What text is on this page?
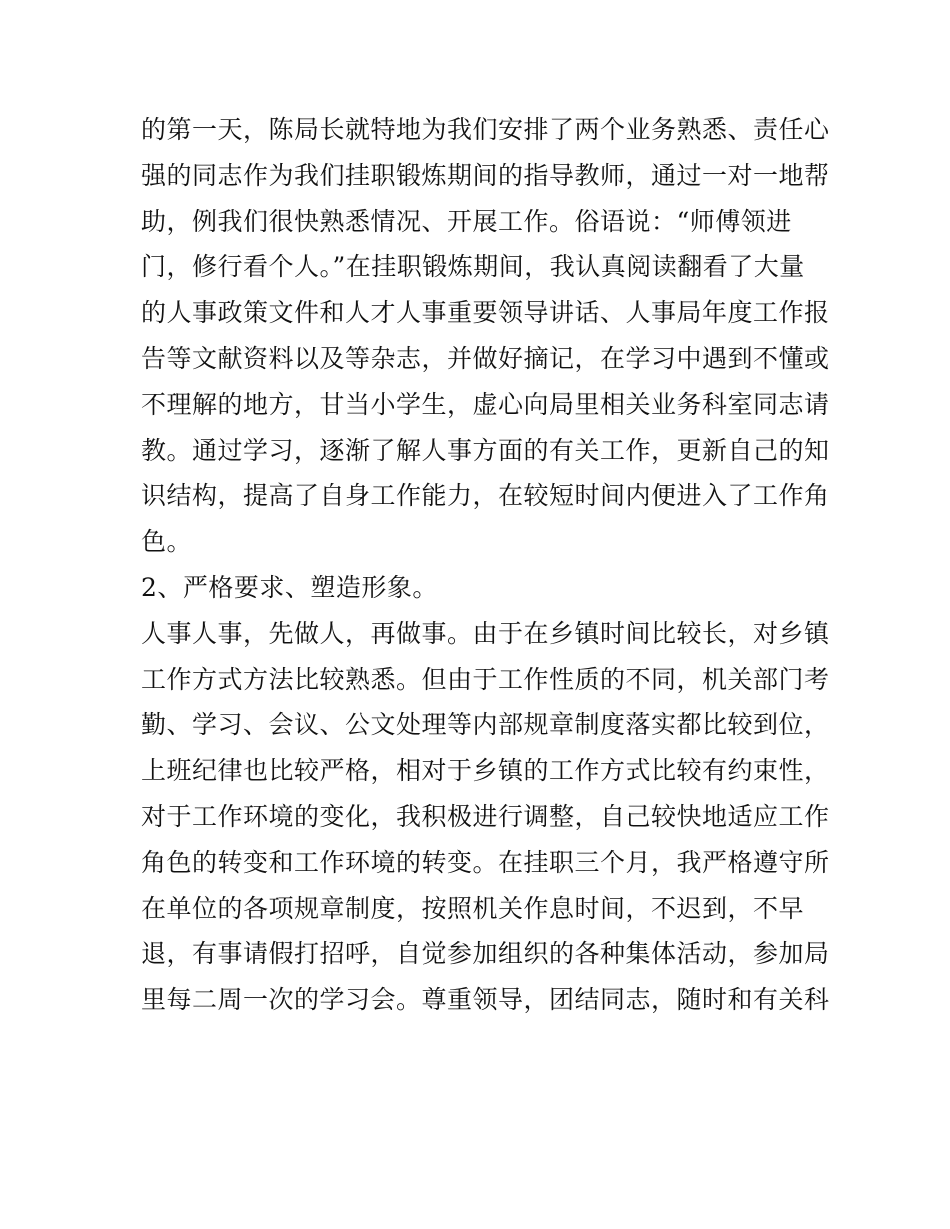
的第一天，陈局长就特地为我们安排了两个业务熟悉、责任心
强的同志作为我们挂职锻炼期间的指导教师，通过一对一地帮
助，例我们很快熟悉情况、开展工作。俗语说：“师傅领进
门，修行看个人。”在挂职锻炼期间，我认真阅读翻看了大量
的人事政策文件和人才人事重要领导讲话、人事局年度工作报
告等文献资料以及等杂志，并做好摘记，在学习中遇到不懂或
不理解的地方，甘当小学生，虚心向局里相关业务科室同志请
教。通过学习，逐渐了解人事方面的有关工作，更新自己的知
识结构，提高了自身工作能力，在较短时间内便进入了工作角
色。
2、严格要求、塑造形象。
人事人事，先做人，再做事。由于在乡镇时间比较长，对乡镇
工作方式方法比较熟悉。但由于工作性质的不同，机关部门考
勤、学习、会议、公文处理等内部规章制度落实都比较到位，
上班纪律也比较严格，相对于乡镇的工作方式比较有约束性，
对于工作环境的变化，我积极进行调整，自己较快地适应工作
角色的转变和工作环境的转变。在挂职三个月，我严格遵守所
在单位的各项规章制度，按照机关作息时间，不迟到，不早
退，有事请假打招呼，自觉参加组织的各种集体活动，参加局
里每二周一次的学习会。尊重领导，团结同志，随时和有关科
